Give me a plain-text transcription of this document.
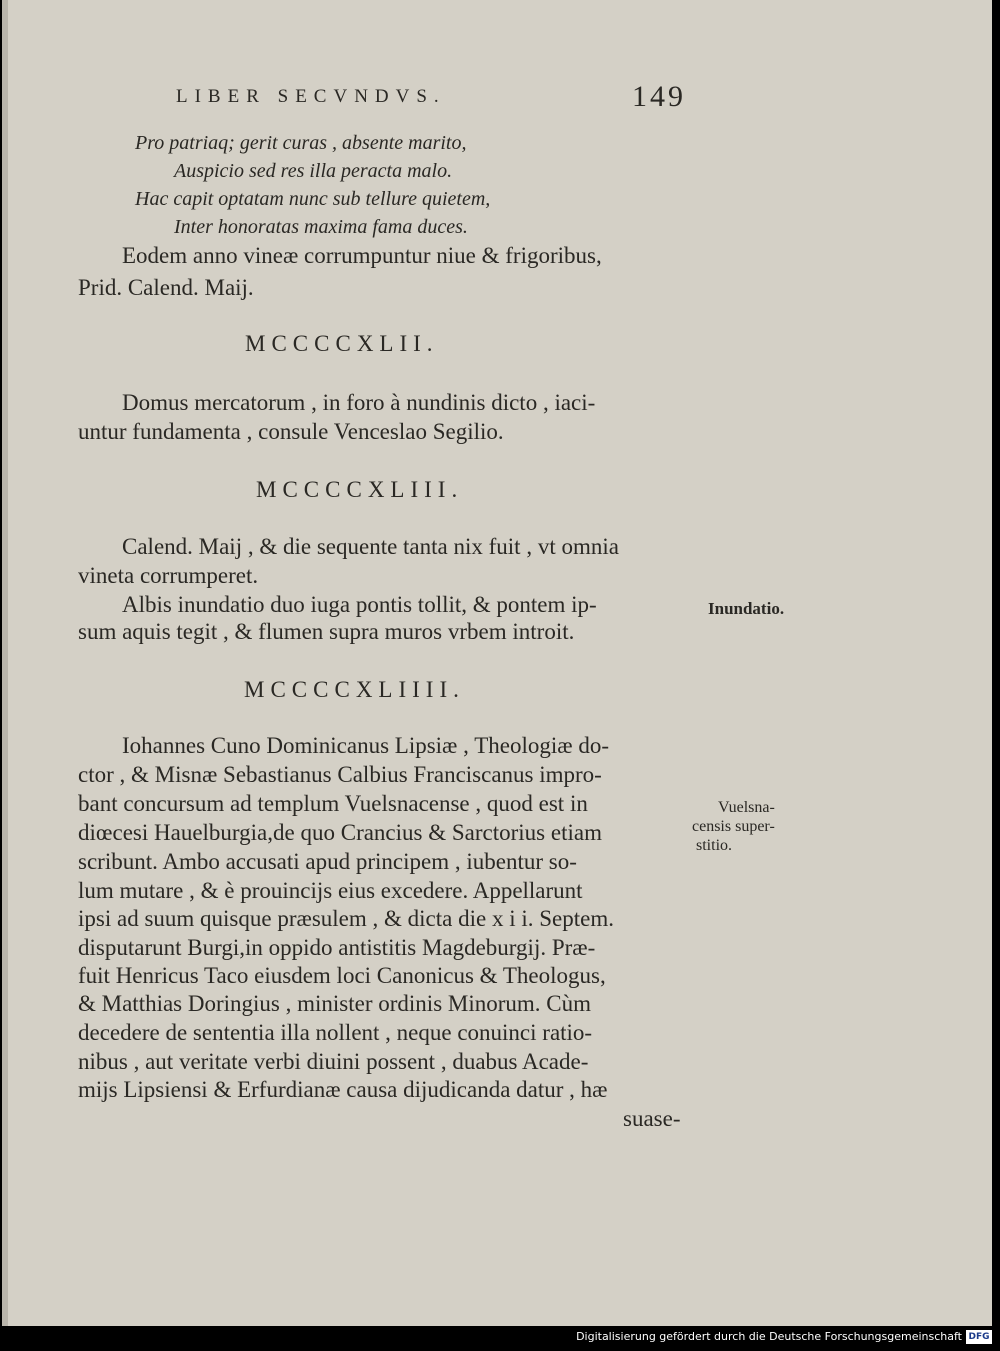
LIBER SECVNDVS.	149
Pro patriaq; gerit curas , absente marito,
Auspicio sed res illa peracta malo.
Hac capit optatam nunc sub tellure quietem,
Inter honoratas maxima fama duces.
Eodem anno vineæ corrumpuntur niue & frigoribus,
Prid. Calend. Maij.
MCCCCXLII.
Domus mercatorum , in foro à nundinis dicto , iaci-
untur fundamenta , consule Venceslao Segilio.
MCCCCXLIII.
Calend. Maij , & die sequente tanta nix fuit , vt omnia
vineta corrumperet.
Albis inundatio duo iuga pontis tollit, & pontem ip-
sum aquis tegit , & flumen supra muros vrbem introit.
Inundatio.
MCCCCXLIIII.
Iohannes Cuno Dominicanus Lipsiæ , Theologiæ do-
ctor , & Misnæ Sebastianus Calbius Franciscanus impro-
bant concursum ad templum Vuelsnacense , quod est in
diœcesi Hauelburgia,de quo Crancius & Sarctorius etiam
scribunt. Ambo accusati apud principem , iubentur so-
lum mutare , & è prouincijs eius excedere. Appellarunt
ipsi ad suum quisque præsulem , & dicta die x i i. Septem.
disputarunt Burgi,in oppido antistitis Magdeburgij. Præ-
fuit Henricus Taco eiusdem loci Canonicus & Theologus,
& Matthias Doringius , minister ordinis Minorum. Cùm
decedere de sententia illa nollent , neque conuinci ratio-
nibus , aut veritate verbi diuini possent , duabus Acade-
mijs Lipsiensi & Erfurdianæ causa dijudicanda datur , hæ
suase-
Vuelsna-
censis super-
stitio.
Digitalisierung gefördert durch die Deutsche Forschungsgemeinschaft DFG
